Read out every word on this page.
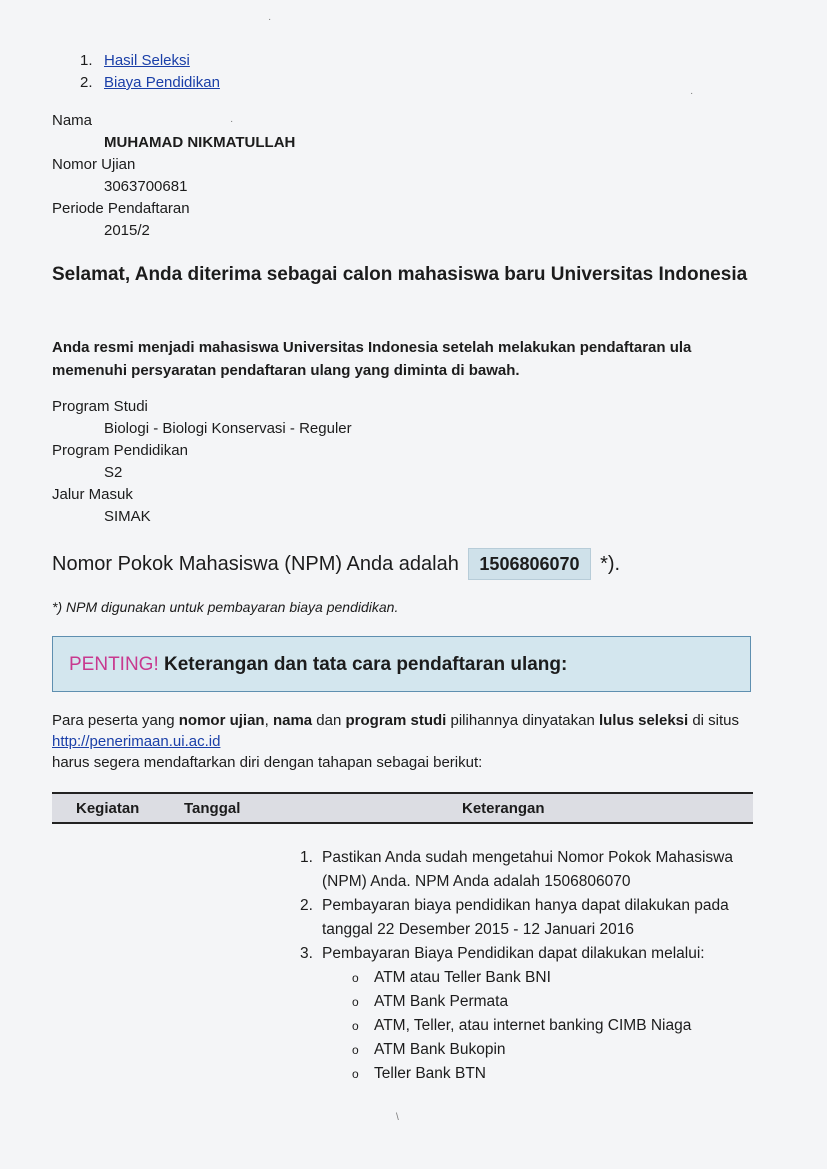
1. Hasil Seleksi
2. Biaya Pendidikan

Nama

MUHAMAD NIKMATULLAH

Nomor Ujian

3063700681

Periode Pendaftaran

2015/2

Selamat, Anda diterima sebagai calon mahasiswa baru Universitas Indonesia

Anda resmi menjadi mahasiswa Universitas Indonesia setelah melakukan pendaftaran ula
memenuhi persyaratan pendaftaran ulang yang diminta di bawah.

Program Studi

Biologi - Biologi Konservasi - Reguler

Program Pendidikan

S2

Jalur Masuk

SIMAK

Nomor Pokok Mahasiswa (NPM) Anda adalah 1506806070 *).

*) NPM digunakan untuk pembayaran biaya pendidikan.

PENTING! Keterangan dan tata cara pendaftaran ulang:

Para peserta yang nomor ujian, nama dan program studi pilihannya dinyatakan lulus seleksi di situs http://penerimaan.ui.ac.id
harus segera mendaftarkan diri dengan tahapan sebagai berikut:

Kegiatan	Tanggal	Keterangan
1. Pastikan Anda sudah mengetahui Nomor Pokok Mahasiswa (NPM) Anda. NPM Anda adalah 1506806070
2. Pembayaran biaya pendidikan hanya dapat dilakukan pada tanggal 22 Desember 2015 - 12 Januari 2016
3. Pembayaran Biaya Pendidikan dapat dilakukan melalui:
o ATM atau Teller Bank BNI
o ATM Bank Permata
o ATM, Teller, atau internet banking CIMB Niaga
o ATM Bank Bukopin
o Teller Bank BTN
·
·
·
\
